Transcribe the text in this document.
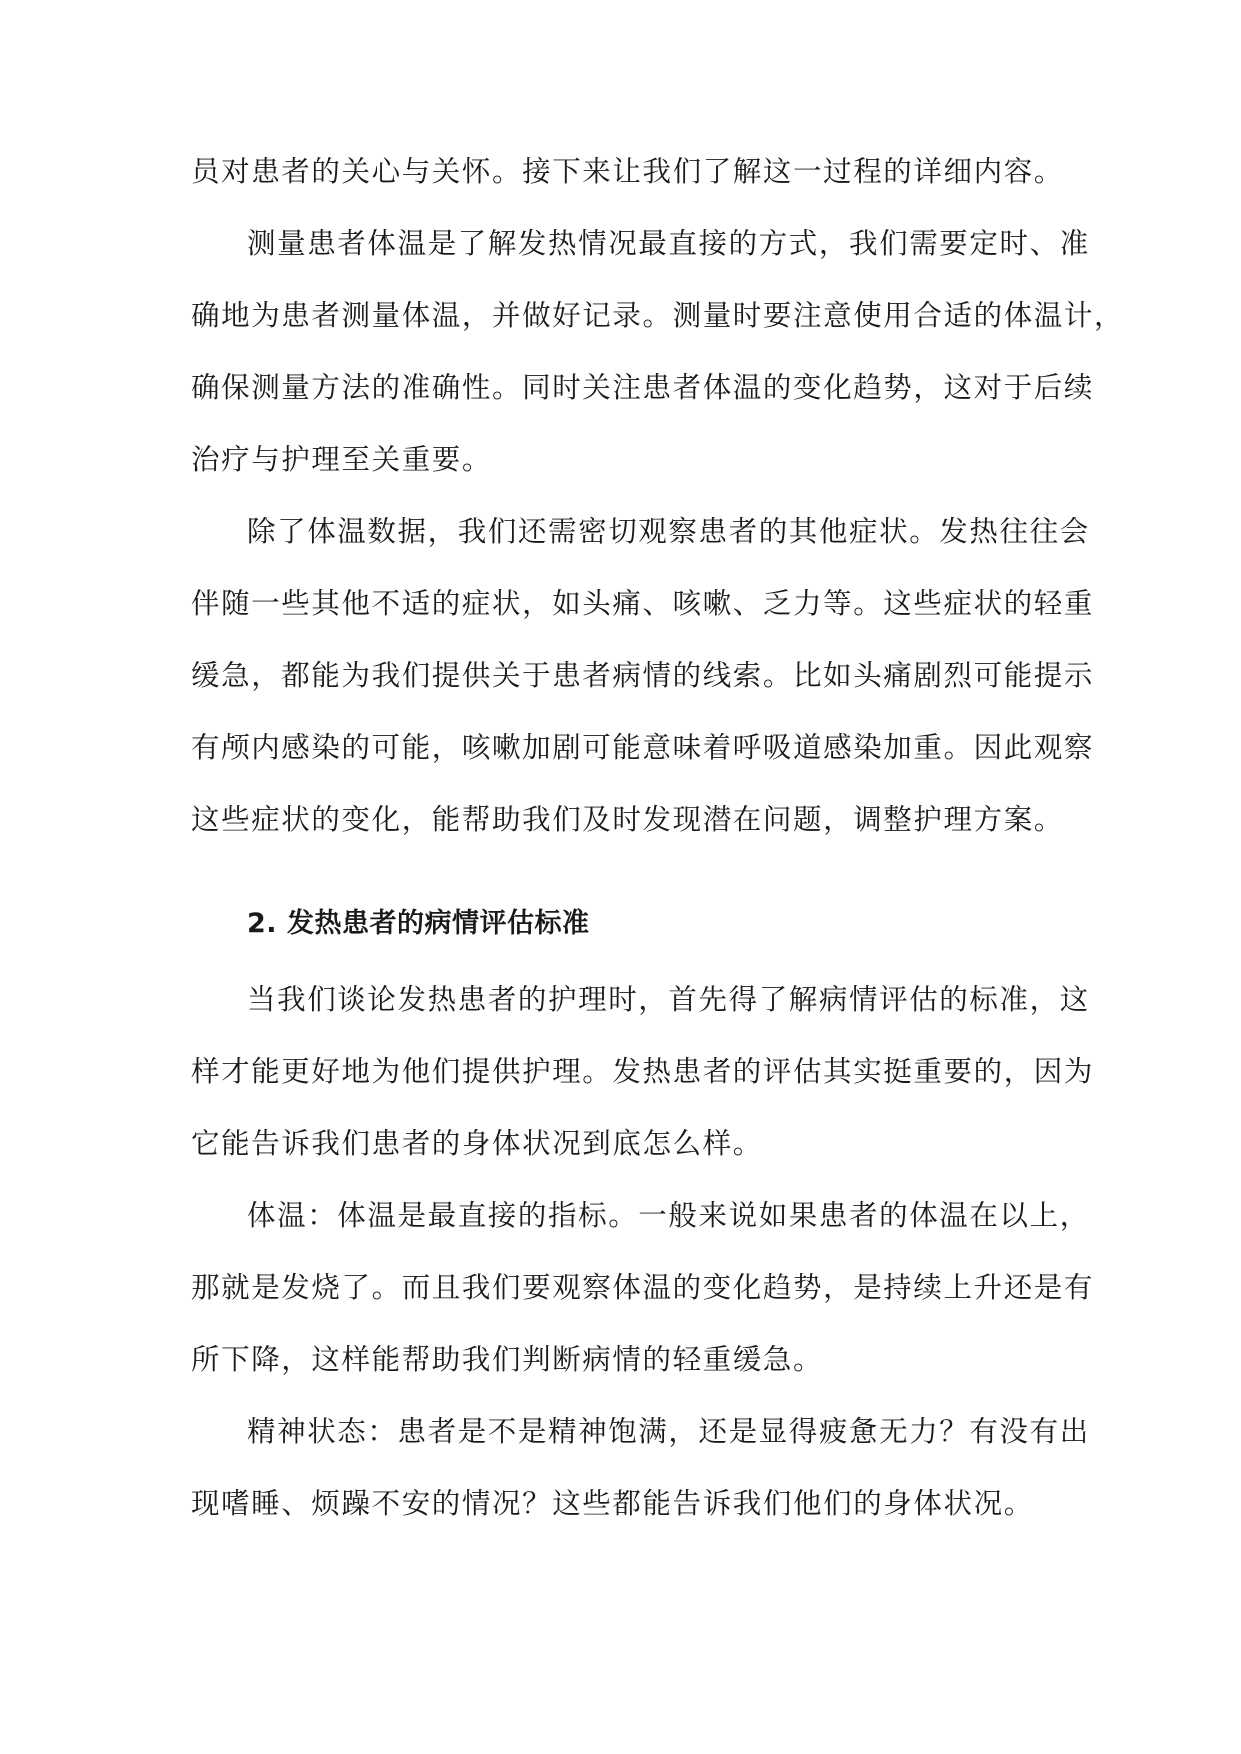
员对患者的关心与关怀。接下来让我们了解这一过程的详细内容。
测量患者体温是了解发热情况最直接的方式，我们需要定时、准
确地为患者测量体温，并做好记录。测量时要注意使用合适的体温计，
确保测量方法的准确性。同时关注患者体温的变化趋势，这对于后续
治疗与护理至关重要。
除了体温数据，我们还需密切观察患者的其他症状。发热往往会
伴随一些其他不适的症状，如头痛、咳嗽、乏力等。这些症状的轻重
缓急，都能为我们提供关于患者病情的线索。比如头痛剧烈可能提示
有颅内感染的可能，咳嗽加剧可能意味着呼吸道感染加重。因此观察
这些症状的变化，能帮助我们及时发现潜在问题，调整护理方案。
2. 发热患者的病情评估标准
当我们谈论发热患者的护理时，首先得了解病情评估的标准，这
样才能更好地为他们提供护理。发热患者的评估其实挺重要的，因为
它能告诉我们患者的身体状况到底怎么样。
体温：体温是最直接的指标。一般来说如果患者的体温在以上，
那就是发烧了。而且我们要观察体温的变化趋势，是持续上升还是有
所下降，这样能帮助我们判断病情的轻重缓急。
精神状态：患者是不是精神饱满，还是显得疲惫无力？有没有出
现嗜睡、烦躁不安的情况？这些都能告诉我们他们的身体状况。
